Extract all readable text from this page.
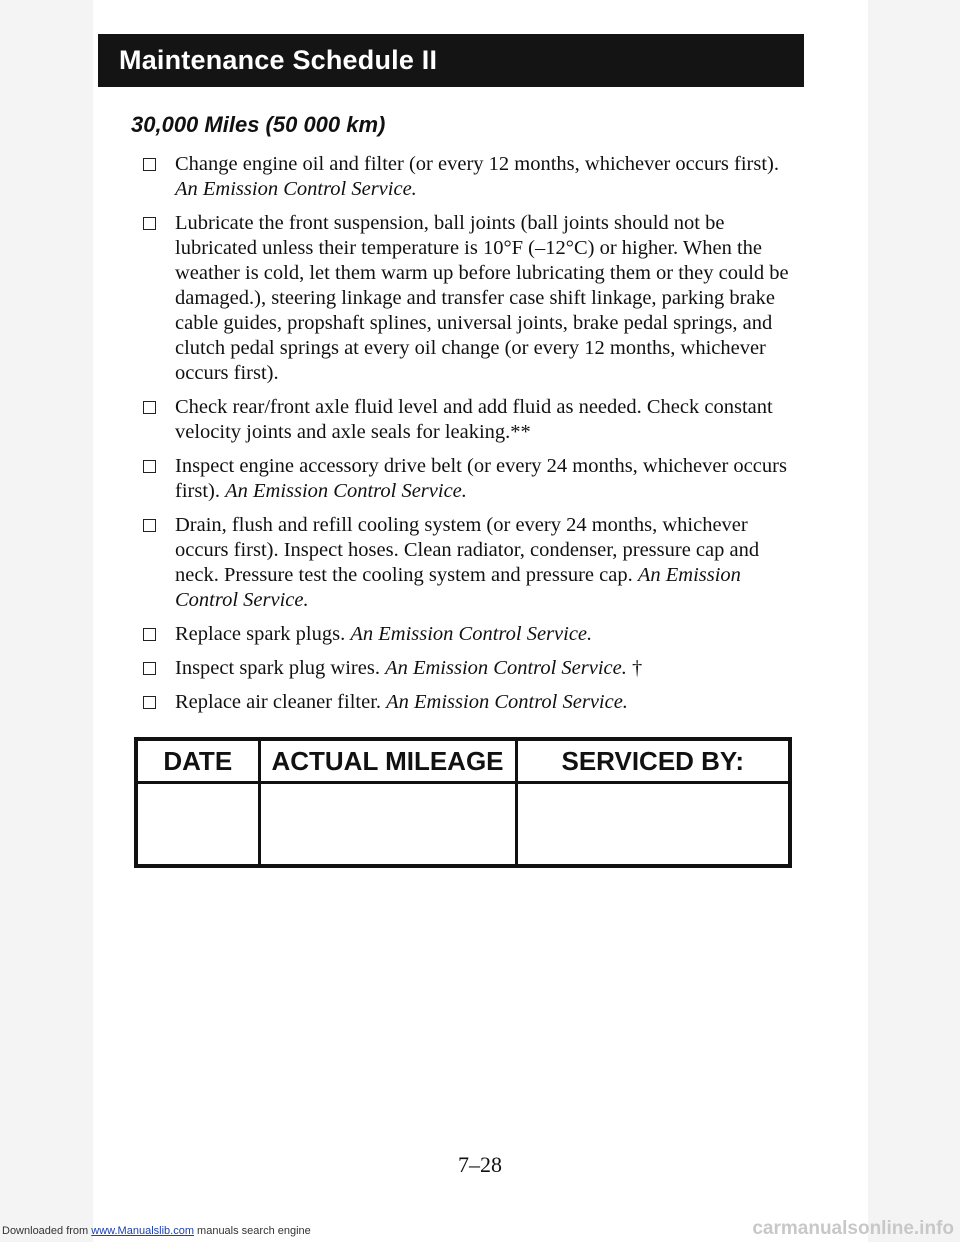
Maintenance Schedule II
30,000 Miles (50 000 km)
Change engine oil and filter (or every 12 months, whichever occurs first). An Emission Control Service.
Lubricate the front suspension, ball joints (ball joints should not be lubricated unless their temperature is 10°F (–12°C) or higher. When the weather is cold, let them warm up before lubricating them or they could be damaged.), steering linkage and transfer case shift linkage, parking brake cable guides, propshaft splines, universal joints, brake pedal springs, and clutch pedal springs at every oil change (or every 12 months, whichever occurs first).
Check rear/front axle fluid level and add fluid as needed. Check constant velocity joints and axle seals for leaking.**
Inspect engine accessory drive belt (or every 24 months, whichever occurs first). An Emission Control Service.
Drain, flush and refill cooling system (or every 24 months, whichever occurs first). Inspect hoses. Clean radiator, condenser, pressure cap and neck. Pressure test the cooling system and pressure cap. An Emission Control Service.
Replace spark plugs. An Emission Control Service.
Inspect spark plug wires. An Emission Control Service. †
Replace air cleaner filter. An Emission Control Service.
DATE	ACTUAL MILEAGE	SERVICED BY:

7–28
Downloaded from www.Manualslib.com manuals search engine	carmanualsonline.info
